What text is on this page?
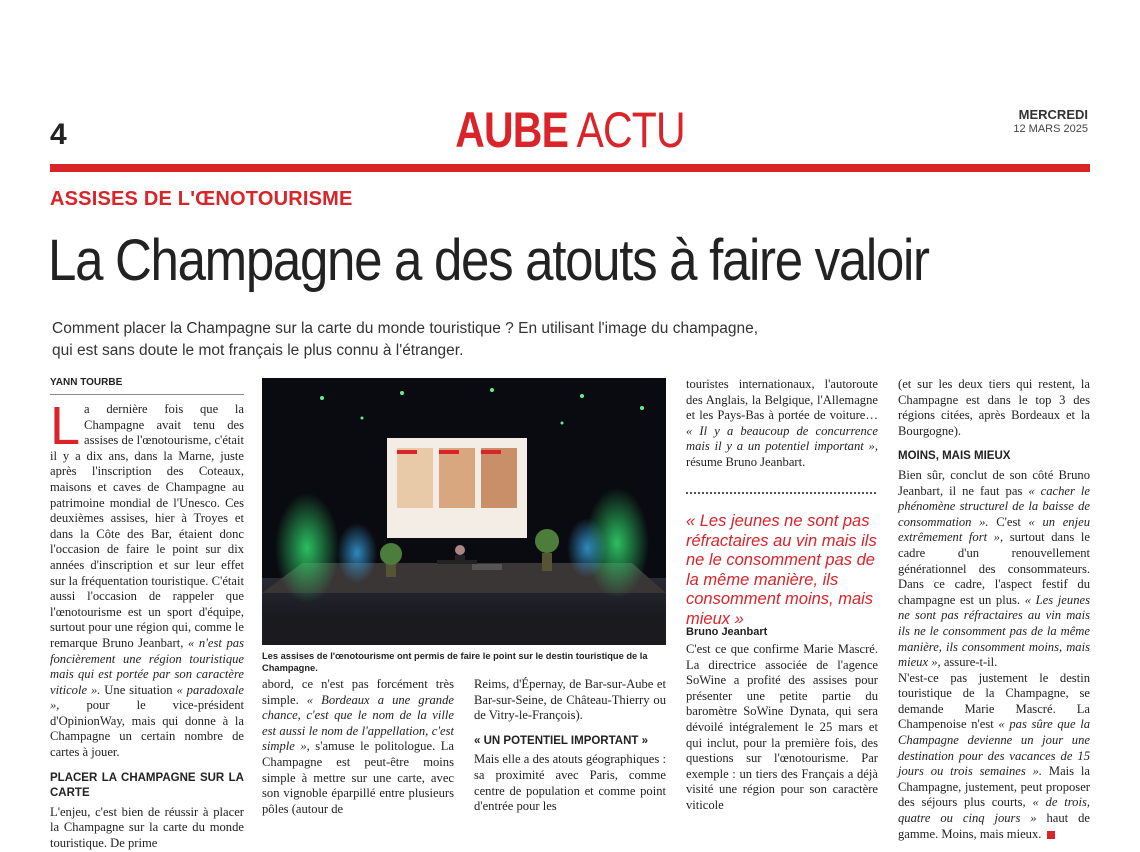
4	AUBE ACTU	MERCREDI
12 MARS 2025
ASSISES DE L'ŒNOTOURISME
La Champagne a des atouts à faire valoir
Comment placer la Champagne sur la carte du monde touristique ? En utilisant l'image du champagne,
qui est sans doute le mot français le plus connu à l'étranger.
YANN TOURBE

La dernière fois que la Champagne avait tenu des assises de l'œnotourisme, c'était il y a dix ans, dans la Marne, juste après l'inscription des Coteaux, maisons et caves de Champagne au patrimoine mondial de l'Unesco. Ces deuxièmes assises, hier à Troyes et dans la Côte des Bar, étaient donc l'occasion de faire le point sur dix années d'inscription et sur leur effet sur la fréquentation touristique. C'était aussi l'occasion de rappeler que l'œnotourisme est un sport d'équipe, surtout pour une région qui, comme le remarque Bruno Jeanbart, « n'est pas foncièrement une région touristique mais qui est portée par son caractère viticole ». Une situation « paradoxale », pour le vice-président d'OpinionWay, mais qui donne à la Champagne un certain nombre de cartes à jouer.

PLACER LA CHAMPAGNE SUR LA CARTE

L'enjeu, c'est bien de réussir à placer la Champagne sur la carte du monde touristique. De prime

Les assises de l'œnotourisme ont permis de faire le point sur le destin touristique de la Champagne.

abord, ce n'est pas forcément très simple. « Bordeaux a une grande chance, c'est que le nom de la ville est aussi le nom de l'appellation, c'est simple », s'amuse le politologue. La Champagne est peut-être moins simple à mettre sur une carte, avec son vignoble éparpillé entre plusieurs pôles (autour de

Reims, d'Épernay, de Bar-sur-Aube et Bar-sur-Seine, de Château-Thierry ou de Vitry-le-François).

« UN POTENTIEL IMPORTANT »

Mais elle a des atouts géographiques : sa proximité avec Paris, comme centre de population et comme point d'entrée pour les

touristes internationaux, l'autoroute des Anglais, la Belgique, l'Allemagne et les Pays-Bas à portée de voiture… « Il y a beaucoup de concurrence mais il y a un potentiel important », résume Bruno Jeanbart.

« Les jeunes ne sont pas réfractaires au vin mais ils ne le consomment pas de la même manière, ils consomment moins, mais mieux »
Bruno Jeanbart

C'est ce que confirme Marie Mascré. La directrice associée de l'agence SoWine a profité des assises pour présenter une petite partie du baromètre SoWine Dynata, qui sera dévoilé intégralement le 25 mars et qui inclut, pour la première fois, des questions sur l'œnotourisme. Par exemple : un tiers des Français a déjà visité une région pour son caractère viticole

(et sur les deux tiers qui restent, la Champagne est dans le top 3 des régions citées, après Bordeaux et la Bourgogne).

MOINS, MAIS MIEUX

Bien sûr, conclut de son côté Bruno Jeanbart, il ne faut pas « cacher le phénomène structurel de la baisse de consommation ». C'est « un enjeu extrêmement fort », surtout dans le cadre d'un renouvellement générationnel des consommateurs. Dans ce cadre, l'aspect festif du champagne est un plus. « Les jeunes ne sont pas réfractaires au vin mais ils ne le consomment pas de la même manière, ils consomment moins, mais mieux », assure-t-il.

N'est-ce pas justement le destin touristique de la Champagne, se demande Marie Mascré. La Champenoise n'est « pas sûre que la Champagne devienne un jour une destination pour des vacances de 15 jours ou trois semaines ». Mais la Champagne, justement, peut proposer des séjours plus courts, « de trois, quatre ou cinq jours » haut de gamme. Moins, mais mieux.
